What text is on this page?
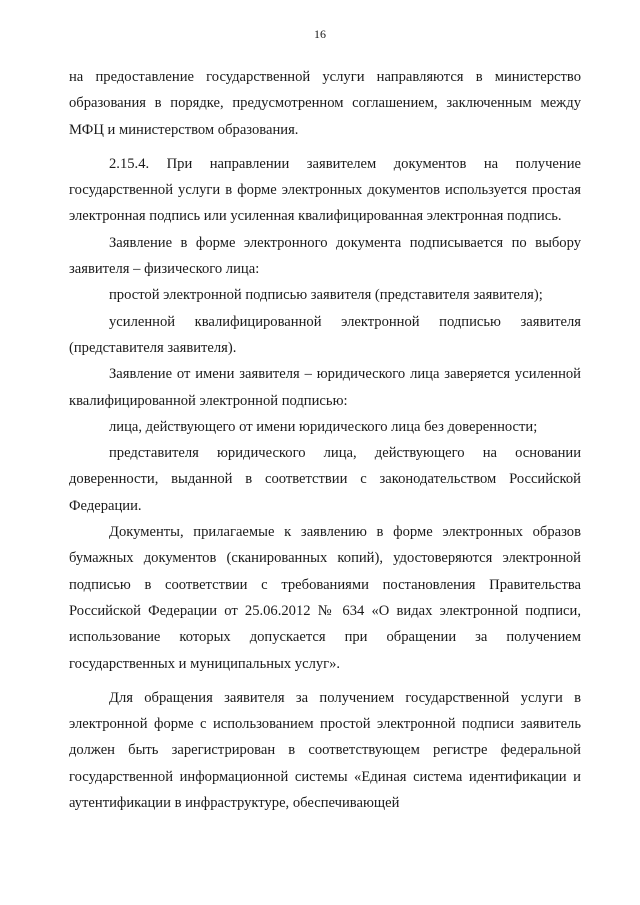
16

на предоставление государственной услуги направляются в министерство образования в порядке, предусмотренном соглашением, заключенным между МФЦ и министерством образования.

2.15.4. При направлении заявителем документов на получение государственной услуги в форме электронных документов используется простая электронная подпись или усиленная квалифицированная электронная подпись.

Заявление в форме электронного документа подписывается по выбору заявителя – физического лица:

простой электронной подписью заявителя (представителя заявителя);

усиленной квалифицированной электронной подписью заявителя (представителя заявителя).

Заявление от имени заявителя – юридического лица заверяется усиленной квалифицированной электронной подписью:

лица, действующего от имени юридического лица без доверенности;

представителя юридического лица, действующего на основании доверенности, выданной в соответствии с законодательством Российской Федерации.

Документы, прилагаемые к заявлению в форме электронных образов бумажных документов (сканированных копий), удостоверяются электронной подписью в соответствии с требованиями постановления Правительства Российской Федерации от 25.06.2012 № 634 «О видах электронной подписи, использование которых допускается при обращении за получением государственных и муниципальных услуг».

Для обращения заявителя за получением государственной услуги в электронной форме с использованием простой электронной подписи заявитель должен быть зарегистрирован в соответствующем регистре федеральной государственной информационной системы «Единая система идентификации и аутентификации в инфраструктуре, обеспечивающей
